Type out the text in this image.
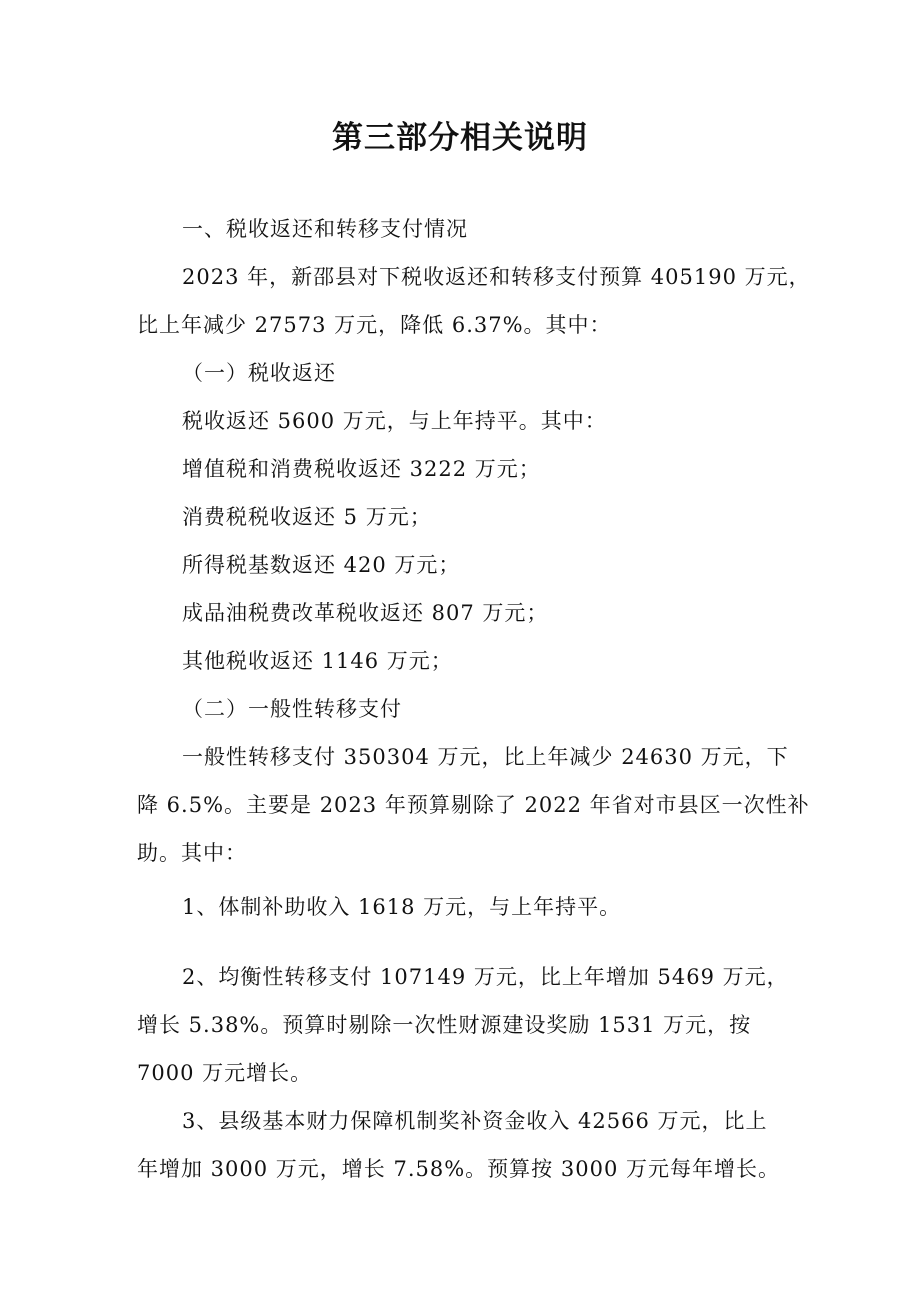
第三部分相关说明

一、税收返还和转移支付情况

2023 年，新邵县对下税收返还和转移支付预算 405190 万元，

比上年减少 27573 万元，降低 6.37%。其中：

（一）税收返还

税收返还 5600 万元，与上年持平。其中：

增值税和消费税收返还 3222 万元；

消费税税收返还 5 万元；

所得税基数返还 420 万元；

成品油税费改革税收返还 807 万元；

其他税收返还 1146 万元；

（二）一般性转移支付

一般性转移支付 350304 万元，比上年减少 24630 万元，下

降 6.5%。主要是 2023 年预算剔除了 2022 年省对市县区一次性补

助。其中：

1、体制补助收入 1618 万元，与上年持平。

2、均衡性转移支付 107149 万元，比上年增加 5469 万元，

增长 5.38%。预算时剔除一次性财源建设奖励 1531 万元，按

7000 万元增长。

3、县级基本财力保障机制奖补资金收入 42566 万元，比上

年增加 3000 万元，增长 7.58%。预算按 3000 万元每年增长。
